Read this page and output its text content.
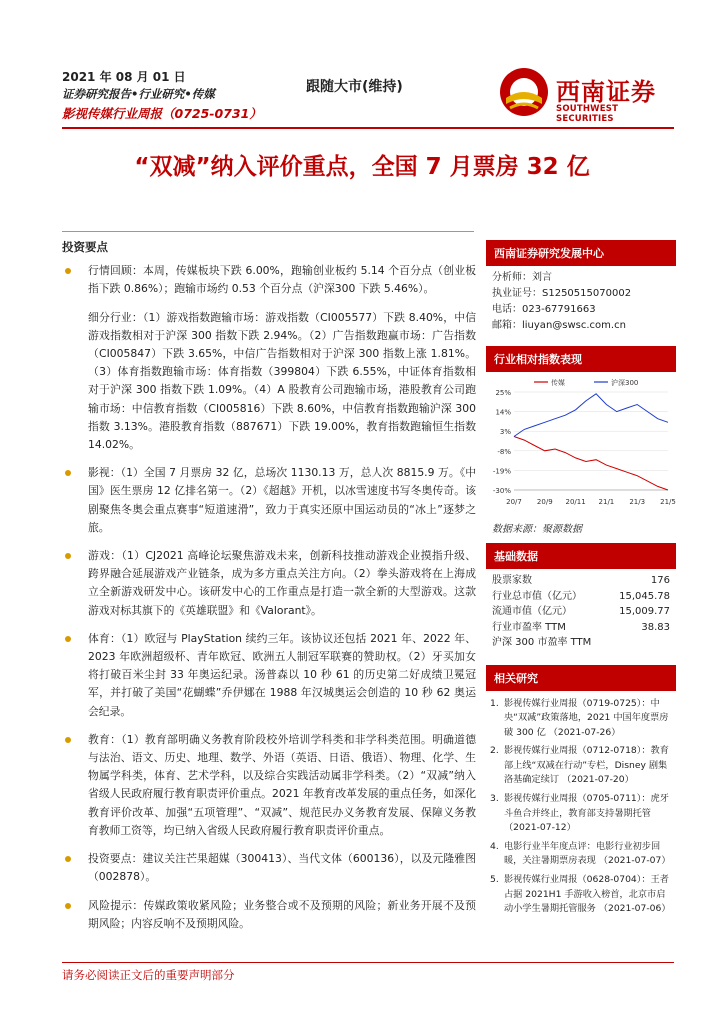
2021 年 08 月 01 日
证券研究报告•行业研究•传媒
影视传媒行业周报（0725-0731）
跟随大市(维持)	西南证券
SOUTHWEST SECURITIES
“双减”纳入评价重点，全国 7 月票房 32 亿
投资要点
行情回顾：本周，传媒板块下跌 6.00%，跑输创业板约 5.14 个百分点（创业板指下跌 0.86%）；跑输市场约 0.53 个百分点（沪深300 下跌 5.46%）。
细分行业：（1）游戏指数跑输市场：游戏指数（CI005577）下跌 8.40%，中信游戏指数相对于沪深 300 指数下跌 2.94%。（2）广告指数跑赢市场：广告指数（CI005847）下跌 3.65%，中信广告指数相对于沪深 300 指数上涨 1.81%。（3）体育指数跑输市场：体育指数（399804）下跌 6.55%，中证体育指数相对于沪深 300 指数下跌 1.09%。（4）A 股教育公司跑输市场，港股教育公司跑输市场：中信教育指数（CI005816）下跌 8.60%，中信教育指数跑输沪深 300 指数 3.13%。港股教育指数（887671）下跌 19.00%，教育指数跑输恒生指数 14.02%。
影视：（1）全国 7 月票房 32 亿，总场次 1130.13 万，总人次 8815.9 万。《中国》医生票房 12 亿排名第一。（2）《超越》开机，以冰雪速度书写冬奥传奇。该剧聚焦冬奥会重点赛事“短道速滑”，致力于真实还原中国运动员的“冰上”逐梦之旅。
游戏：（1）CJ2021 高峰论坛聚焦游戏未来，创新科技推动游戏企业摸指升级、跨界融合延展游戏产业链条，成为多方重点关注方向。（2）拳头游戏将在上海成立全新游戏研发中心。该研发中心的工作重点是打造一款全新的大型游戏。这款游戏对标其旗下的《英雄联盟》和《Valorant》。
体育：（1）欧冠与 PlayStation 续约三年。该协议还包括 2021 年、2022 年、2023 年欧洲超级杯、青年欧冠、欧洲五人制冠军联赛的赞助权。（2）牙买加女将打破百米尘封 33 年奥运纪录。汤普森以 10 秒 61 的历史第二好成绩卫冕冠军，并打破了美国“花蝴蝶”乔伊娜在 1988 年汉城奥运会创造的 10 秒 62 奥运会纪录。
教育：（1）教育部明确义务教育阶段校外培训学科类和非学科类范围。明确道德与法治、语文、历史、地理、数学、外语（英语、日语、俄语）、物理、化学、生物属学科类，体育、艺术学科，以及综合实践活动属非学科类。（2）“双减”纳入省级人民政府履行教育职责评价重点。2021 年教育改革发展的重点任务，如深化教育评价改革、加强“五项管理”、“双减”、规范民办义务教育发展、保障义务教育教师工资等，均已纳入省级人民政府履行教育职责评价重点。
投资要点：建议关注芒果超媒（300413）、当代文体（600136），以及元隆雅图（002878）。
风险提示：传媒政策收紧风险；业务整合或不及预期的风险；新业务开展不及预期风险；内容反响不及预期风险。
西南证券研究发展中心
分析师：刘言
执业证号：S1250515070002
电话：023-67791663
邮箱：liuyan@swsc.com.cn
行业相对指数表现
25%
14%
3%
-8%
-19%
-30%
20/7 20/9 20/11 21/1 21/3 21/5
传媒	沪深300
数据来源：聚源数据
基础数据
股票家数	176
行业总市值（亿元）	15,045.78
流通市值（亿元）	15,009.77
行业市盈率 TTM	38.83
沪深 300 市盈率 TTM
相关研究
1. 影视传媒行业周报（0719-0725）：中央“双减”政策落地，2021 中国年度票房破 300 亿 （2021-07-26）
2. 影视传媒行业周报（0712-0718）：教育部上线“双减在行动”专栏，Disney 剧集洛基确定续订 （2021-07-20）
3. 影视传媒行业周报（0705-0711）：虎牙斗鱼合并终止，教育部支持暑期托管 （2021-07-12）
4. 电影行业半年度点评：电影行业初步回暖，关注暑期票房表现 （2021-07-07）
5. 影视传媒行业周报（0628-0704）：王者占据 2021H1 手游收入榜首，北京市启动小学生暑期托管服务 （2021-07-06）
请务必阅读正文后的重要声明部分
